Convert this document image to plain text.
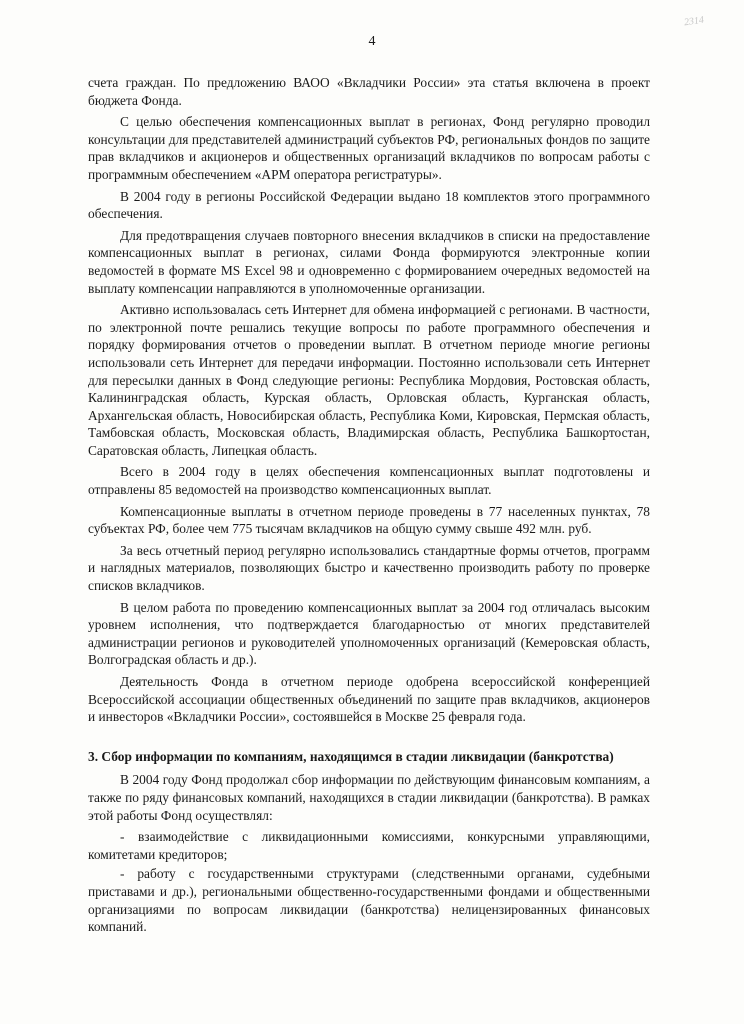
4
2314

счета граждан. По предложению ВАОО «Вкладчики России» эта статья включена в проект бюджета Фонда.

С целью обеспечения компенсационных выплат в регионах, Фонд регулярно проводил консультации для представителей администраций субъектов РФ, региональных фондов по защите прав вкладчиков и акционеров и общественных организаций вкладчиков по вопросам работы с программным обеспечением «АРМ оператора регистратуры».

В 2004 году в регионы Российской Федерации выдано 18 комплектов этого программного обеспечения.

Для предотвращения случаев повторного внесения вкладчиков в списки на предоставление компенсационных выплат в регионах, силами Фонда формируются электронные копии ведомостей в формате MS Excel 98 и одновременно с формированием очередных ведомостей на выплату компенсации направляются в уполномоченные организации.

Активно использовалась сеть Интернет для обмена информацией с регионами. В частности, по электронной почте решались текущие вопросы по работе программного обеспечения и порядку формирования отчетов о проведении выплат. В отчетном периоде многие регионы использовали сеть Интернет для передачи информации. Постоянно использовали сеть Интернет для пересылки данных в Фонд следующие регионы: Республика Мордовия, Ростовская область, Калининградская область, Курская область, Орловская область, Курганская область, Архангельская область, Новосибирская область, Республика Коми, Кировская, Пермская область, Тамбовская область, Московская область, Владимирская область, Республика Башкортостан, Саратовская область, Липецкая область.

Всего в 2004 году в целях обеспечения компенсационных выплат подготовлены и отправлены 85 ведомостей на производство компенсационных выплат.

Компенсационные выплаты в отчетном периоде проведены в 77 населенных пунктах, 78 субъектах РФ, более чем 775 тысячам вкладчиков на общую сумму свыше 492 млн. руб.

За весь отчетный период регулярно использовались стандартные формы отчетов, программ и наглядных материалов, позволяющих быстро и качественно производить работу по проверке списков вкладчиков.

В целом работа по проведению компенсационных выплат за 2004 год отличалась высоким уровнем исполнения, что подтверждается благодарностью от многих представителей администрации регионов и руководителей уполномоченных организаций (Кемеровская область, Волгоградская область и др.).

Деятельность Фонда в отчетном периоде одобрена всероссийской конференцией Всероссийской ассоциации общественных объединений по защите прав вкладчиков, акционеров и инвесторов «Вкладчики России», состоявшейся в Москве 25 февраля года.

3. Сбор информации по компаниям, находящимся в стадии ликвидации (банкротства)

В 2004 году Фонд продолжал сбор информации по действующим финансовым компаниям, а также по ряду финансовых компаний, находящихся в стадии ликвидации (банкротства). В рамках этой работы Фонд осуществлял:

- взаимодействие с ликвидационными комиссиями, конкурсными управляющими, комитетами кредиторов;

- работу с государственными структурами (следственными органами, судебными приставами и др.), региональными общественно-государственными фондами и общественными организациями по вопросам ликвидации (банкротства) нелицензированных финансовых компаний.
